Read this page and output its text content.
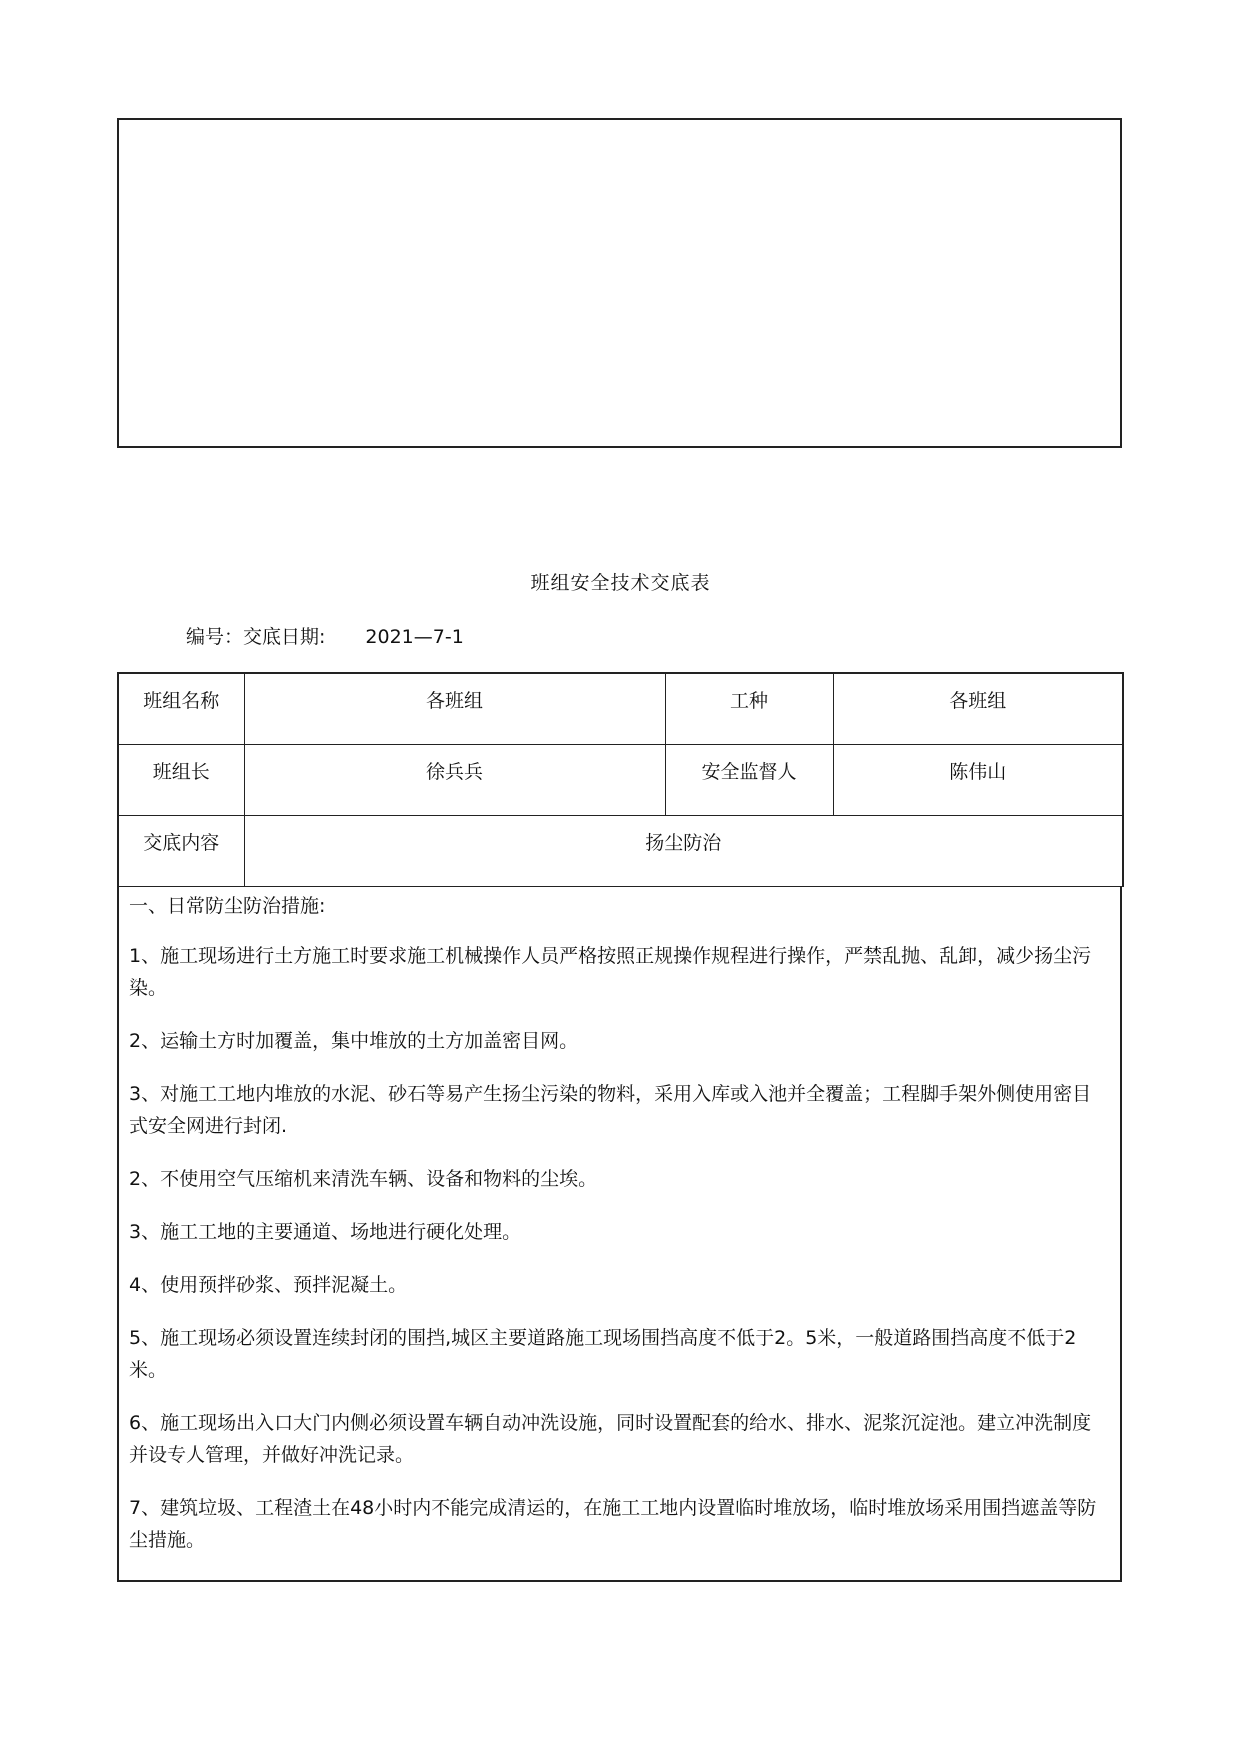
班组安全技术交底表
编号：交底日期: 2021—7-1
班组名称	各班组	工种	各班组
班组长	徐兵兵	安全监督人	陈伟山
交底内容	扬尘防治		

一、日常防尘防治措施:

1、施工现场进行土方施工时要求施工机械操作人员严格按照正规操作规程进行操作，严禁乱抛、乱卸，减少扬尘污染。

2、运输土方时加覆盖，集中堆放的土方加盖密目网。

3、对施工工地内堆放的水泥、砂石等易产生扬尘污染的物料，采用入库或入池并全覆盖；工程脚手架外侧使用密目式安全网进行封闭.

2、不使用空气压缩机来清洗车辆、设备和物料的尘埃。

3、施工工地的主要通道、场地进行硬化处理。

4、使用预拌砂浆、预拌泥凝土。

5、施工现场必须设置连续封闭的围挡,城区主要道路施工现场围挡高度不低于2。5米，一般道路围挡高度不低于2米。

6、施工现场出入口大门内侧必须设置车辆自动冲洗设施，同时设置配套的给水、排水、泥浆沉淀池。建立冲洗制度并设专人管理，并做好冲洗记录。

7、建筑垃圾、工程渣土在48小时内不能完成清运的，在施工工地内设置临时堆放场，临时堆放场采用围挡遮盖等防尘措施。
